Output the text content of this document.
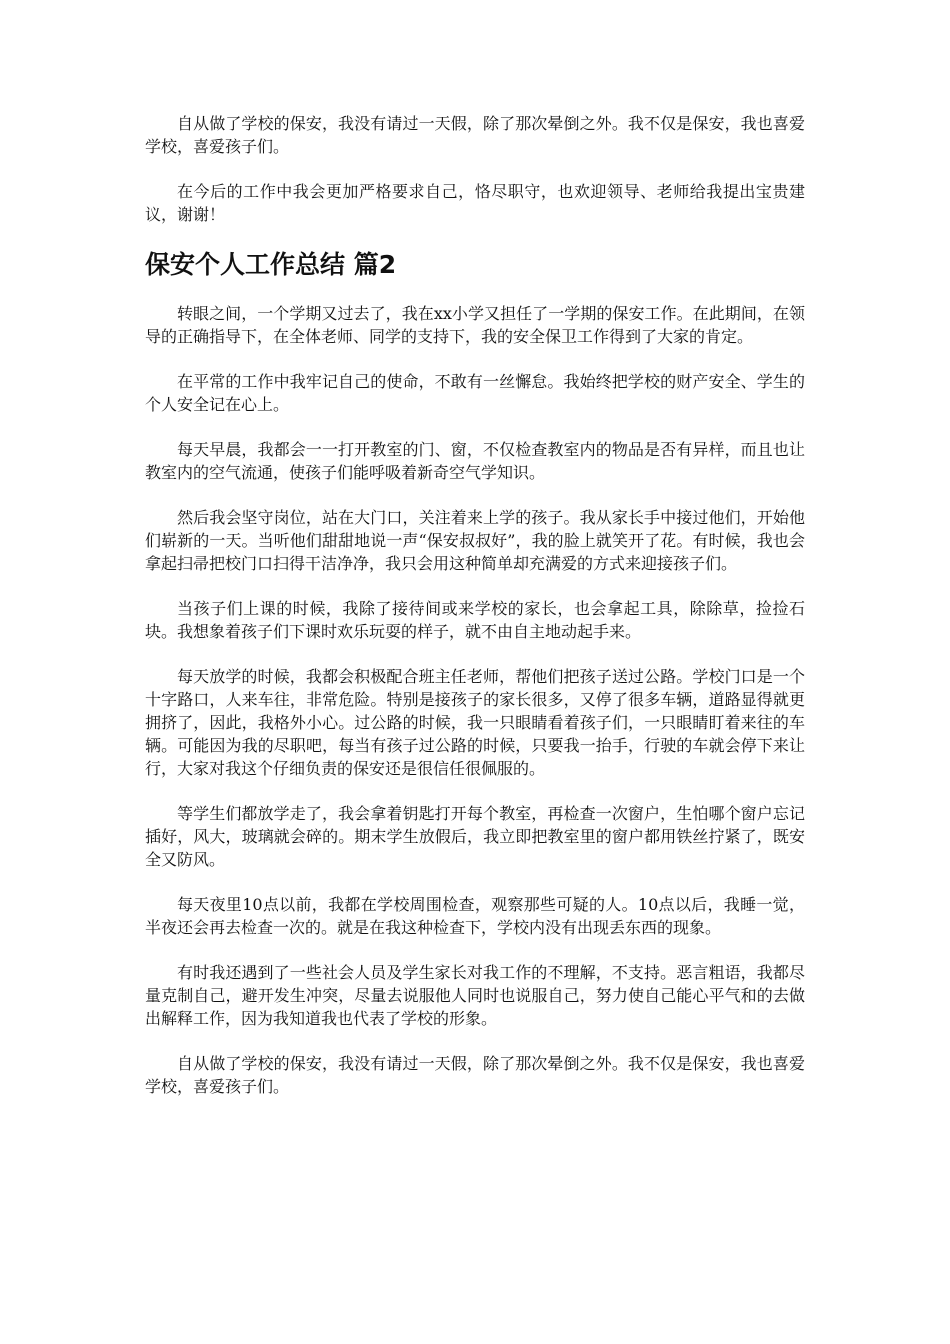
自从做了学校的保安，我没有请过一天假，除了那次晕倒之外。我不仅是保安，我也喜爱学校，喜爱孩子们。

在今后的工作中我会更加严格要求自己，恪尽职守，也欢迎领导、老师给我提出宝贵建议，谢谢！

保安个人工作总结 篇2

转眼之间，一个学期又过去了，我在xx小学又担任了一学期的保安工作。在此期间，在领导的正确指导下，在全体老师、同学的支持下，我的安全保卫工作得到了大家的肯定。

在平常的工作中我牢记自己的使命，不敢有一丝懈怠。我始终把学校的财产安全、学生的个人安全记在心上。

每天早晨，我都会一一打开教室的门、窗，不仅检查教室内的物品是否有异样，而且也让教室内的空气流通，使孩子们能呼吸着新奇空气学知识。

然后我会坚守岗位，站在大门口，关注着来上学的孩子。我从家长手中接过他们，开始他们崭新的一天。当听他们甜甜地说一声“保安叔叔好”，我的脸上就笑开了花。有时候，我也会拿起扫帚把校门口扫得干洁净净，我只会用这种简单却充满爱的方式来迎接孩子们。

当孩子们上课的时候，我除了接待间或来学校的家长，也会拿起工具，除除草，捡捡石块。我想象着孩子们下课时欢乐玩耍的样子，就不由自主地动起手来。

每天放学的时候，我都会积极配合班主任老师，帮他们把孩子送过公路。学校门口是一个十字路口，人来车往，非常危险。特别是接孩子的家长很多，又停了很多车辆，道路显得就更拥挤了，因此，我格外小心。过公路的时候，我一只眼睛看着孩子们，一只眼睛盯着来往的车辆。可能因为我的尽职吧，每当有孩子过公路的时候，只要我一抬手，行驶的车就会停下来让行，大家对我这个仔细负责的保安还是很信任很佩服的。

等学生们都放学走了，我会拿着钥匙打开每个教室，再检查一次窗户，生怕哪个窗户忘记插好，风大，玻璃就会碎的。期末学生放假后，我立即把教室里的窗户都用铁丝拧紧了，既安全又防风。

每天夜里10点以前，我都在学校周围检查，观察那些可疑的人。10点以后，我睡一觉，半夜还会再去检查一次的。就是在我这种检查下，学校内没有出现丢东西的现象。

有时我还遇到了一些社会人员及学生家长对我工作的不理解，不支持。恶言粗语，我都尽量克制自己，避开发生冲突，尽量去说服他人同时也说服自己，努力使自己能心平气和的去做出解释工作，因为我知道我也代表了学校的形象。

自从做了学校的保安，我没有请过一天假，除了那次晕倒之外。我不仅是保安，我也喜爱学校，喜爱孩子们。
